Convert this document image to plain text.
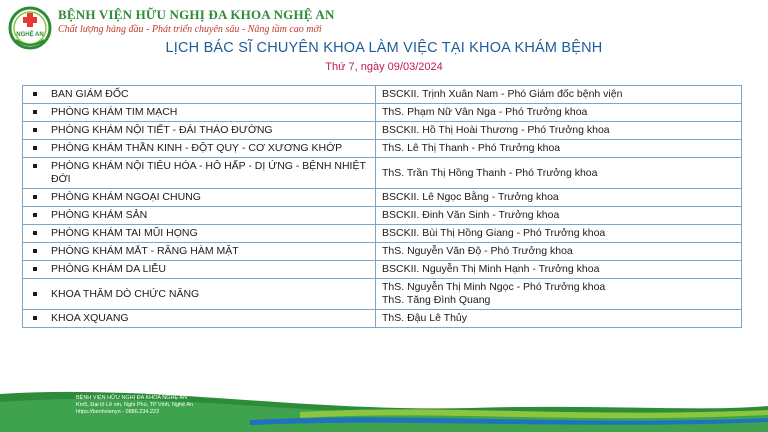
NGHỆ AN
BỆNH VIỆN HỮU NGHỊ ĐA KHOA NGHỆ AN
Chất lượng hàng đầu - Phát triển chuyên sâu - Nâng tầm cao mới
LỊCH BÁC SĨ CHUYÊN KHOA LÀM VIỆC TẠI KHOA KHÁM BỆNH
Thứ 7, ngày 09/03/2024
BAN GIÁM ĐỐC	BSCKII. Trịnh Xuân Nam - Phó Giám đốc bệnh viện

PHÒNG KHÁM TIM MẠCH	ThS. Phạm Nữ Vân Nga - Phó Trưởng khoa

PHÒNG KHÁM NỘI TIẾT - ĐÁI THÁO ĐƯỜNG	BSCKII. Hồ Thị Hoài Thương - Phó Trưởng khoa

PHÒNG KHÁM THẦN KINH - ĐỘT QUỴ - CƠ XƯƠNG KHỚP	ThS. Lê Thị Thanh - Phó Trưởng khoa

PHÒNG KHÁM NỘI TIÊU HÓA - HÔ HẤP - DỊ ỨNG - BỆNH NHIỆT ĐỚI	ThS. Trần Thị Hồng Thanh - Phó Trưởng khoa

PHÒNG KHÁM NGOẠI CHUNG	BSCKII. Lê Ngọc Bằng - Trưởng khoa

PHÒNG KHÁM SẢN	BSCKII. Đinh Văn Sinh - Trưởng khoa

PHÒNG KHÁM TAI MŨI HỌNG	BSCKII. Bùi Thị Hồng Giang - Phó Trưởng khoa

PHÒNG KHÁM MẮT - RĂNG HÀM MẶT	ThS. Nguyễn Văn Độ - Phó Trưởng khoa

PHÒNG KHÁM DA LIỄU	BSCKII. Nguyễn Thị Minh Hạnh - Trưởng khoa

KHOA THĂM DÒ CHỨC NĂNG	ThS. Nguyễn Thị Minh Ngọc - Phó Trưởng khoa
ThS. Tăng Đình Quang

KHOA XQUANG	ThS. Đậu Lê Thủy
BỆNH VIỆN HỮU NGHỊ ĐA KHOA NGHỆ AN
Km5, Đại lộ Lê nin, Nghi Phú, TP Vinh, Nghệ An
https://benhvienyn - 0886.234.222
